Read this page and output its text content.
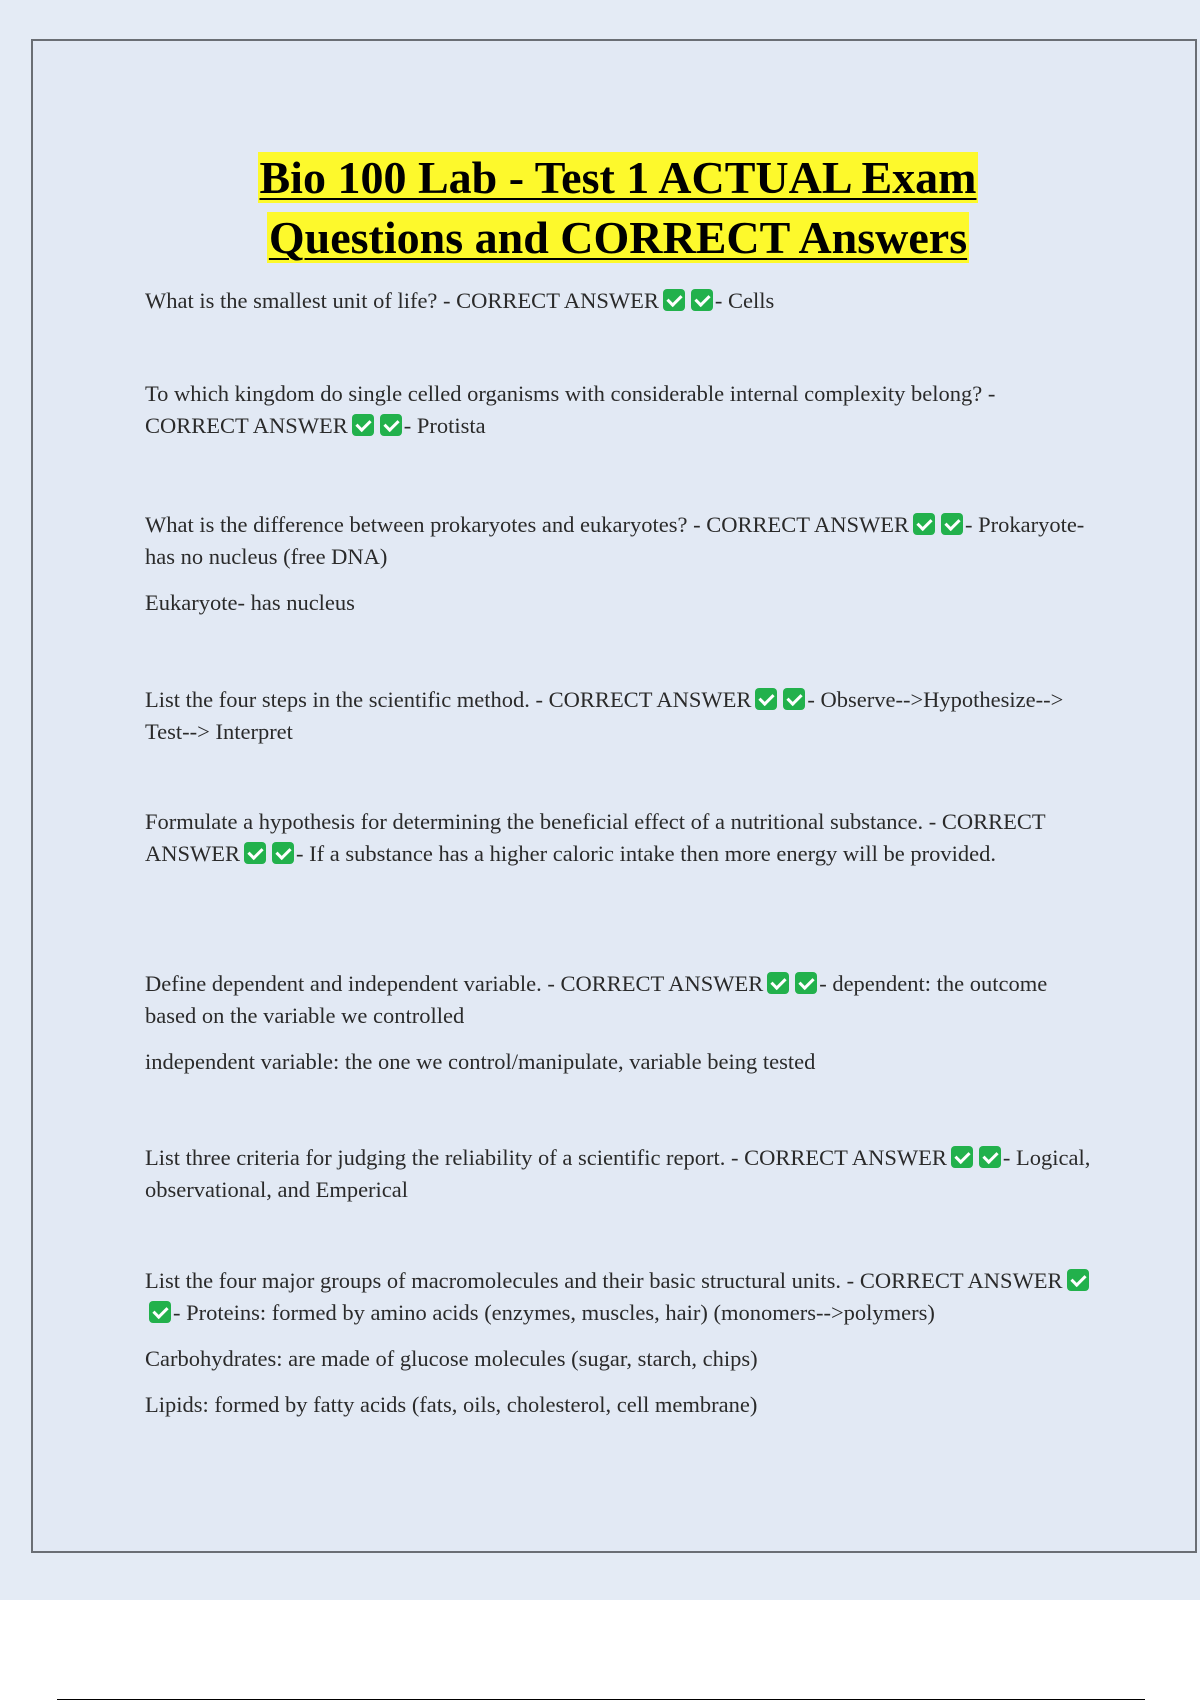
Bio 100 Lab - Test 1 ACTUAL Exam
Questions and CORRECT Answers

What is the smallest unit of life? - CORRECT ANSWER - Cells

To which kingdom do single celled organisms with considerable internal complexity belong? - CORRECT ANSWER - Protista

What is the difference between prokaryotes and eukaryotes? - CORRECT ANSWER - Prokaryote- has no nucleus (free DNA)

Eukaryote- has nucleus

List the four steps in the scientific method. - CORRECT ANSWER - Observe-->Hypothesize--> Test--> Interpret

Formulate a hypothesis for determining the beneficial effect of a nutritional substance. - CORRECT ANSWER - If a substance has a higher caloric intake then more energy will be provided.

Define dependent and independent variable. - CORRECT ANSWER - dependent: the outcome based on the variable we controlled

independent variable: the one we control/manipulate, variable being tested

List three criteria for judging the reliability of a scientific report. - CORRECT ANSWER - Logical, observational, and Emperical

List the four major groups of macromolecules and their basic structural units. - CORRECT ANSWER- Proteins: formed by amino acids (enzymes, muscles, hair) (monomers-->polymers)

Carbohydrates: are made of glucose molecules (sugar, starch, chips)

Lipids: formed by fatty acids (fats, oils, cholesterol, cell membrane)
